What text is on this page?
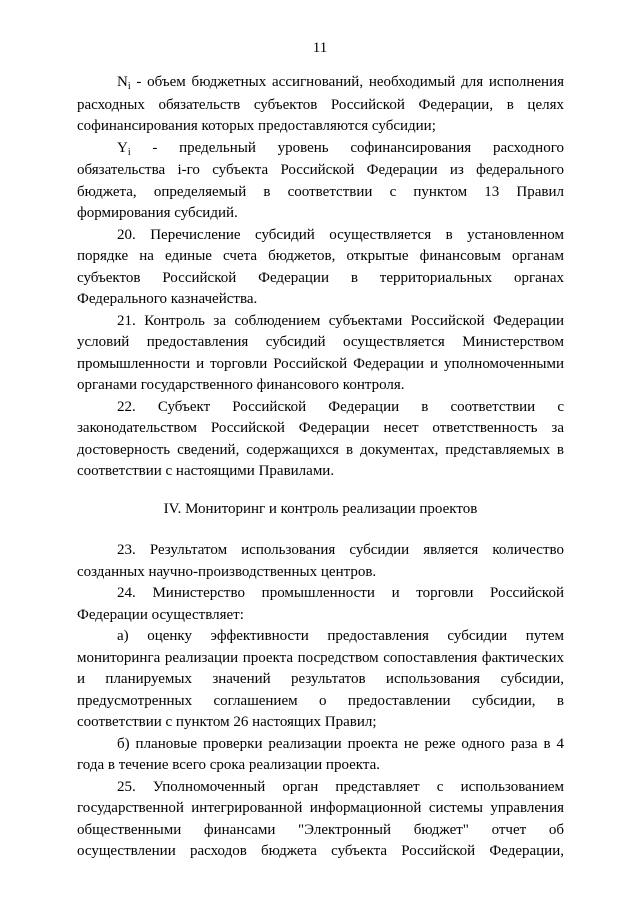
11

$N_i$ - объем бюджетных ассигнований, необходимый для исполнения расходных обязательств субъектов Российской Федерации, в целях софинансирования которых предоставляются субсидии;

$Y_i$ - предельный уровень софинансирования расходного обязательства i-го субъекта Российской Федерации из федерального бюджета, определяемый в соответствии с пунктом 13 Правил формирования субсидий.

20. Перечисление субсидий осуществляется в установленном порядке на единые счета бюджетов, открытые финансовым органам субъектов Российской Федерации в территориальных органах Федерального казначейства.

21. Контроль за соблюдением субъектами Российской Федерации условий предоставления субсидий осуществляется Министерством промышленности и торговли Российской Федерации и уполномоченными органами государственного финансового контроля.

22. Субъект Российской Федерации в соответствии с законодательством Российской Федерации несет ответственность за достоверность сведений, содержащихся в документах, представляемых в соответствии с настоящими Правилами.

IV. Мониторинг и контроль реализации проектов

23. Результатом использования субсидии является количество созданных научно-производственных центров.

24. Министерство промышленности и торговли Российской Федерации осуществляет:

а) оценку эффективности предоставления субсидии путем мониторинга реализации проекта посредством сопоставления фактических и планируемых значений результатов использования субсидии, предусмотренных соглашением о предоставлении субсидии, в соответствии с пунктом 26 настоящих Правил;

б) плановые проверки реализации проекта не реже одного раза в 4 года в течение всего срока реализации проекта.

25. Уполномоченный орган представляет с использованием государственной интегрированной информационной системы управления общественными финансами "Электронный бюджет" отчет об осуществлении расходов бюджета субъекта Российской Федерации,
